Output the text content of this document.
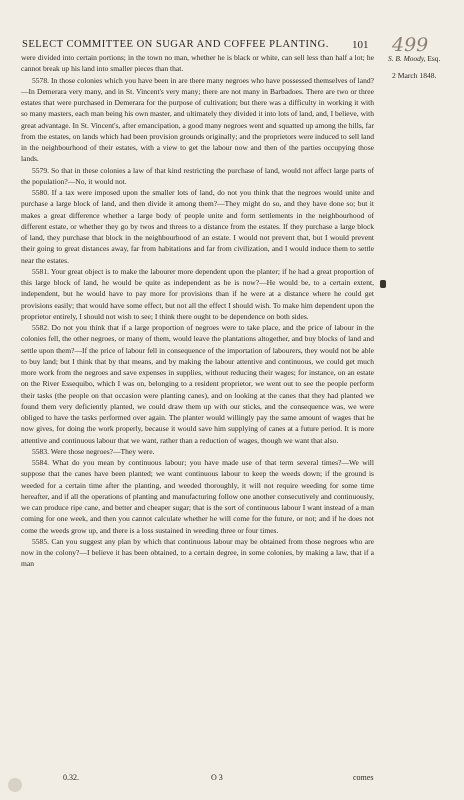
SELECT COMMITTEE ON SUGAR AND COFFEE PLANTING.	101 499
S. B. Moody, Esq.
2 March 1848.

were divided into certain portions; in the town no man, whether he is black or white, can sell less than half a lot; he cannot break up his land into smaller pieces than that.

5578. In those colonies which you have been in are there many negroes who have possessed themselves of land?—In Demerara very many, and in St. Vincent's very many; there are not many in Barbadoes. There are two or three estates that were purchased in Demerara for the purpose of cultivation; but there was a difficulty in working it with so many masters, each man being his own master, and ultimately they divided it into lots of land, and, I believe, with great advantage. In St. Vincent's, after emancipation, a good many negroes went and squatted up among the hills, far from the estates, on lands which had been provision grounds originally; and the proprietors were induced to sell land in the neighbourhood of their estates, with a view to get the labour now and then of the parties occupying those lands.

5579. So that in these colonies a law of that kind restricting the purchase of land, would not affect large parts of the population?—No, it would not.

5580. If a tax were imposed upon the smaller lots of land, do not you think that the negroes would unite and purchase a large block of land, and then divide it among them?—They might do so, and they have done so; but it makes a great difference whether a large body of people unite and form settlements in the neighbourhood of different estate, or whether they go by twos and threes to a distance from the estates. If they purchase a large block of land, they purchase that block in the neighbourhood of an estate. I would not prevent that, but I would prevent their going to great distances away, far from habitations and far from civilization, and I would induce them to settle near the estates.

5581. Your great object is to make the labourer more dependent upon the planter; if he had a great proportion of this large block of land, he would be quite as independent as he is now?—He would be, to a certain extent, independent, but he would have to pay more for provisions than if he were at a distance where he could get provisions easily; that would have some effect, but not all the effect I should wish. To make him dependent upon the proprietor entirely, I should not wish to see; I think there ought to be dependence on both sides.

5582. Do not you think that if a large proportion of negroes were to take place, and the price of labour in the colonies fell, the other negroes, or many of them, would leave the plantations altogether, and buy blocks of land and settle upon them?—If the price of labour fell in consequence of the importation of labourers, they would not be able to buy land; but I think that by that means, and by making the labour attentive and continuous, we could get much more work from the negroes and save expenses in supplies, without reducing their wages; for instance, on an estate on the River Essequibo, which I was on, belonging to a resident proprietor, we went out to see the people perform their tasks (the people on that occasion were planting canes), and on looking at the canes that they had planted we found them very deficiently planted, we could draw them up with our sticks, and the consequence was, we were obliged to have the tasks performed over again. The planter would willingly pay the same amount of wages that he now gives, for doing the work properly, because it would save him supplying of canes at a future period. It is more attentive and continuous labour that we want, rather than a reduction of wages, though we want that also.

5583. Were those negroes?—They were.

5584. What do you mean by continuous labour; you have made use of that term several times?—We will suppose that the canes have been planted; we want continuous labour to keep the weeds down; if the ground is weeded for a certain time after the planting, and weeded thoroughly, it will not require weeding for some time hereafter, and if all the operations of planting and manufacturing follow one another consecutively and continuously, we can produce ripe cane, and better and cheaper sugar; that is the sort of continuous labour I want instead of a man coming for one week, and then you cannot calculate whether he will come for the future, or not; and if he does not come the weeds grow up, and there is a loss sustained in weeding three or four times.

5585. Can you suggest any plan by which that continuous labour may be obtained from those negroes who are now in the colony?—I believe it has been obtained, to a certain degree, in some colonies, by making a law, that if a man

0.32.	O 3	comes
